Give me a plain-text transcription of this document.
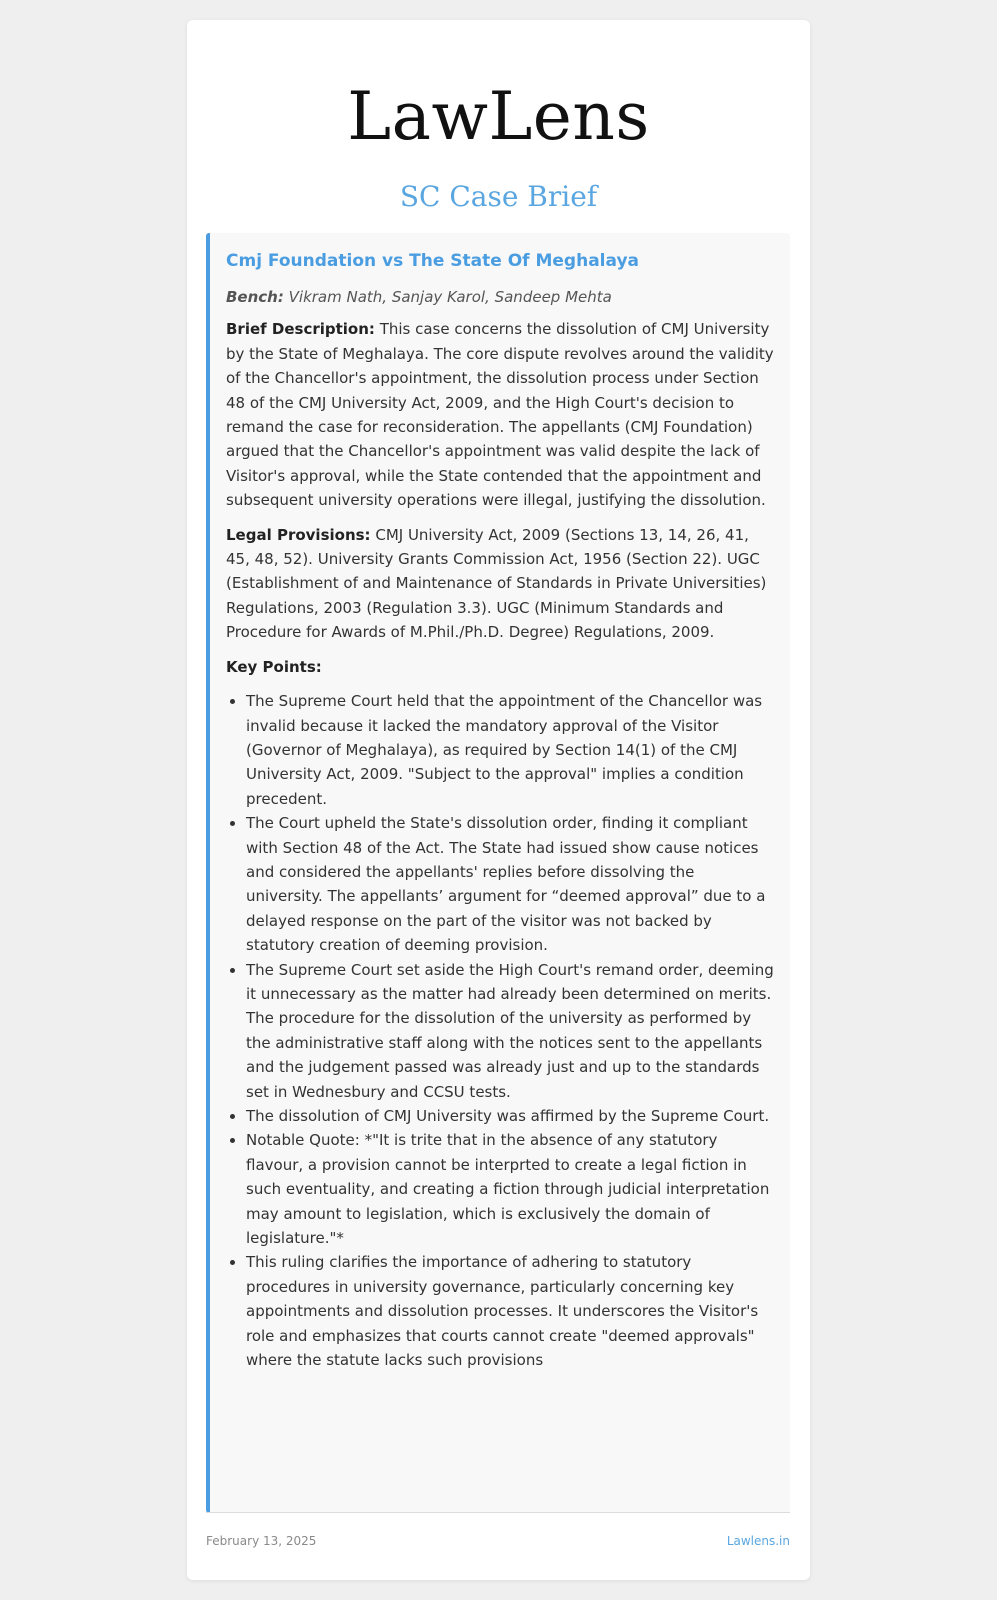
LawLens
SC Case Brief
Cmj Foundation vs The State Of Meghalaya
Bench: Vikram Nath, Sanjay Karol, Sandeep Mehta

Brief Description: This case concerns the dissolution of CMJ University by the State of Meghalaya. The core dispute revolves around the validity of the Chancellor's appointment, the dissolution process under Section 48 of the CMJ University Act, 2009, and the High Court's decision to remand the case for reconsideration. The appellants (CMJ Foundation) argued that the Chancellor's appointment was valid despite the lack of Visitor's approval, while the State contended that the appointment and subsequent university operations were illegal, justifying the dissolution.

Legal Provisions: CMJ University Act, 2009 (Sections 13, 14, 26, 41, 45, 48, 52). University Grants Commission Act, 1956 (Section 22). UGC (Establishment of and Maintenance of Standards in Private Universities) Regulations, 2003 (Regulation 3.3). UGC (Minimum Standards and Procedure for Awards of M.Phil./Ph.D. Degree) Regulations, 2009.

Key Points:

• The Supreme Court held that the appointment of the Chancellor was invalid because it lacked the mandatory approval of the Visitor (Governor of Meghalaya), as required by Section 14(1) of the CMJ University Act, 2009. "Subject to the approval" implies a condition precedent.
• The Court upheld the State's dissolution order, finding it compliant with Section 48 of the Act. The State had issued show cause notices and considered the appellants' replies before dissolving the university. The appellants’ argument for “deemed approval” due to a delayed response on the part of the visitor was not backed by statutory creation of deeming provision.
• The Supreme Court set aside the High Court's remand order, deeming it unnecessary as the matter had already been determined on merits. The procedure for the dissolution of the university as performed by the administrative staff along with the notices sent to the appellants and the judgement passed was already just and up to the standards set in Wednesbury and CCSU tests.
• The dissolution of CMJ University was affirmed by the Supreme Court.
• Notable Quote: *"It is trite that in the absence of any statutory flavour, a provision cannot be interprted to create a legal fiction in such eventuality, and creating a fiction through judicial interpretation may amount to legislation, which is exclusively the domain of legislature."*
• This ruling clarifies the importance of adhering to statutory procedures in university governance, particularly concerning key appointments and dissolution processes. It underscores the Visitor's role and emphasizes that courts cannot create "deemed approvals" where the statute lacks such provisions
February 13, 2025	Lawlens.in
